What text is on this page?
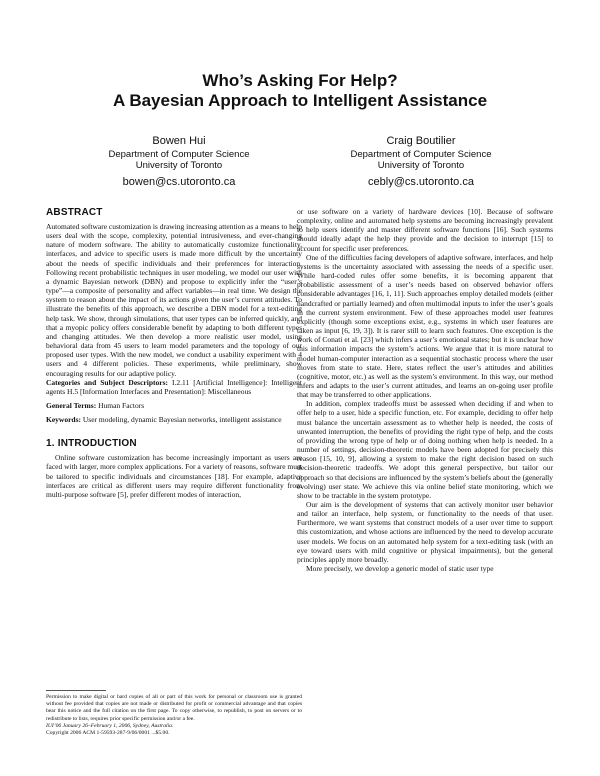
Who’s Asking For Help?
A Bayesian Approach to Intelligent Assistance
Bowen Hui
Department of Computer Science
University of Toronto
bowen@cs.utoronto.ca
Craig Boutilier
Department of Computer Science
University of Toronto
cebly@cs.utoronto.ca
ABSTRACT

Automated software customization is drawing increasing attention as a means to help users deal with the scope, complexity, potential intrusiveness, and ever-changing nature of modern software. The ability to automatically customize functionality, interfaces, and advice to specific users is made more difficult by the uncertainty about the needs of specific individuals and their preferences for interaction. Following recent probabilistic techniques in user modeling, we model our user with a dynamic Bayesian network (DBN) and propose to explicitly infer the “user’s type”—a composite of personality and affect variables—in real time. We design the system to reason about the impact of its actions given the user’s current attitudes. To illustrate the benefits of this approach, we describe a DBN model for a text-editing help task. We show, through simulations, that user types can be inferred quickly, and that a myopic policy offers considerable benefit by adapting to both different types and changing attitudes. We then develop a more realistic user model, using behavioral data from 45 users to learn model parameters and the topology of our proposed user types. With the new model, we conduct a usability experiment with 4 users and 4 different policies. These experiments, while preliminary, show encouraging results for our adaptive policy.

Categories and Subject Descriptors: I.2.11 [Artificial Intelligence]: Intelligent agents H.5 [Information Interfaces and Presentation]: Miscellaneous

General Terms: Human Factors

Keywords: User modeling, dynamic Bayesian networks, intelligent assistance

1. INTRODUCTION

Online software customization has become increasingly important as users are faced with larger, more complex applications. For a variety of reasons, software must be tailored to specific individuals and circumstances [18]. For example, adaptive interfaces are critical as different users may require different functionality from multi-purpose software [5], prefer different modes of interaction,

Permission to make digital or hard copies of all or part of this work for personal or classroom use is granted without fee provided that copies are not made or distributed for profit or commercial advantage and that copies bear this notice and the full citation on the first page. To copy otherwise, to republish, to post on servers or to redistribute to lists, requires prior specific permission and/or a fee.

IUI’06 January 26–February 1, 2006, Sydney, Australia.

Copyright 2006 ACM 1-59593-287-9/06/0001 ...$5.00.

or use software on a variety of hardware devices [10]. Because of software complexity, online and automated help systems are becoming increasingly prevalent to help users identify and master different software functions [16]. Such systems should ideally adapt the help they provide and the decision to interrupt [15] to account for specific user preferences.

One of the difficulties facing developers of adaptive software, interfaces, and help systems is the uncertainty associated with assessing the needs of a specific user. While hard-coded rules offer some benefits, it is becoming apparent that probabilistic assessment of a user’s needs based on observed behavior offers considerable advantages [16, 1, 11]. Such approaches employ detailed models (either handcrafted or partially learned) and often multimodal inputs to infer the user’s goals in the current system environment. Few of these approaches model user features explicitly (though some exceptions exist, e.g., systems in which user features are taken as input [6, 19, 3]). It is rarer still to learn such features. One exception is the work of Conati et al. [23] which infers a user’s emotional states; but it is unclear how this information impacts the system’s actions. We argue that it is more natural to model human-computer interaction as a sequential stochastic process where the user moves from state to state. Here, states reflect the user’s attitudes and abilities (cognitive, motor, etc.) as well as the system’s environment. In this way, our method infers and adapts to the user’s current attitudes, and learns an on-going user profile that may be transferred to other applications.

In addition, complex tradeoffs must be assessed when deciding if and when to offer help to a user, hide a specific function, etc. For example, deciding to offer help must balance the uncertain assessment as to whether help is needed, the costs of unwanted interruption, the benefits of providing the right type of help, and the costs of providing the wrong type of help or of doing nothing when help is needed. In a number of settings, decision-theoretic models have been adopted for precisely this reason [15, 10, 9], allowing a system to make the right decision based on such decision-theoretic tradeoffs. We adopt this general perspective, but tailor our approach so that decisions are influenced by the system’s beliefs about the (generally evolving) user state. We achieve this via online belief state monitoring, which we show to be tractable in the system prototype.

Our aim is the development of systems that can actively monitor user behavior and tailor an interface, help system, or functionality to the needs of that user. Furthermore, we want systems that construct models of a user over time to support this customization, and whose actions are influenced by the need to develop accurate user models. We focus on an automated help system for a text-editing task (with an eye toward users with mild cognitive or physical impairments), but the general principles apply more broadly.

More precisely, we develop a generic model of static user type
